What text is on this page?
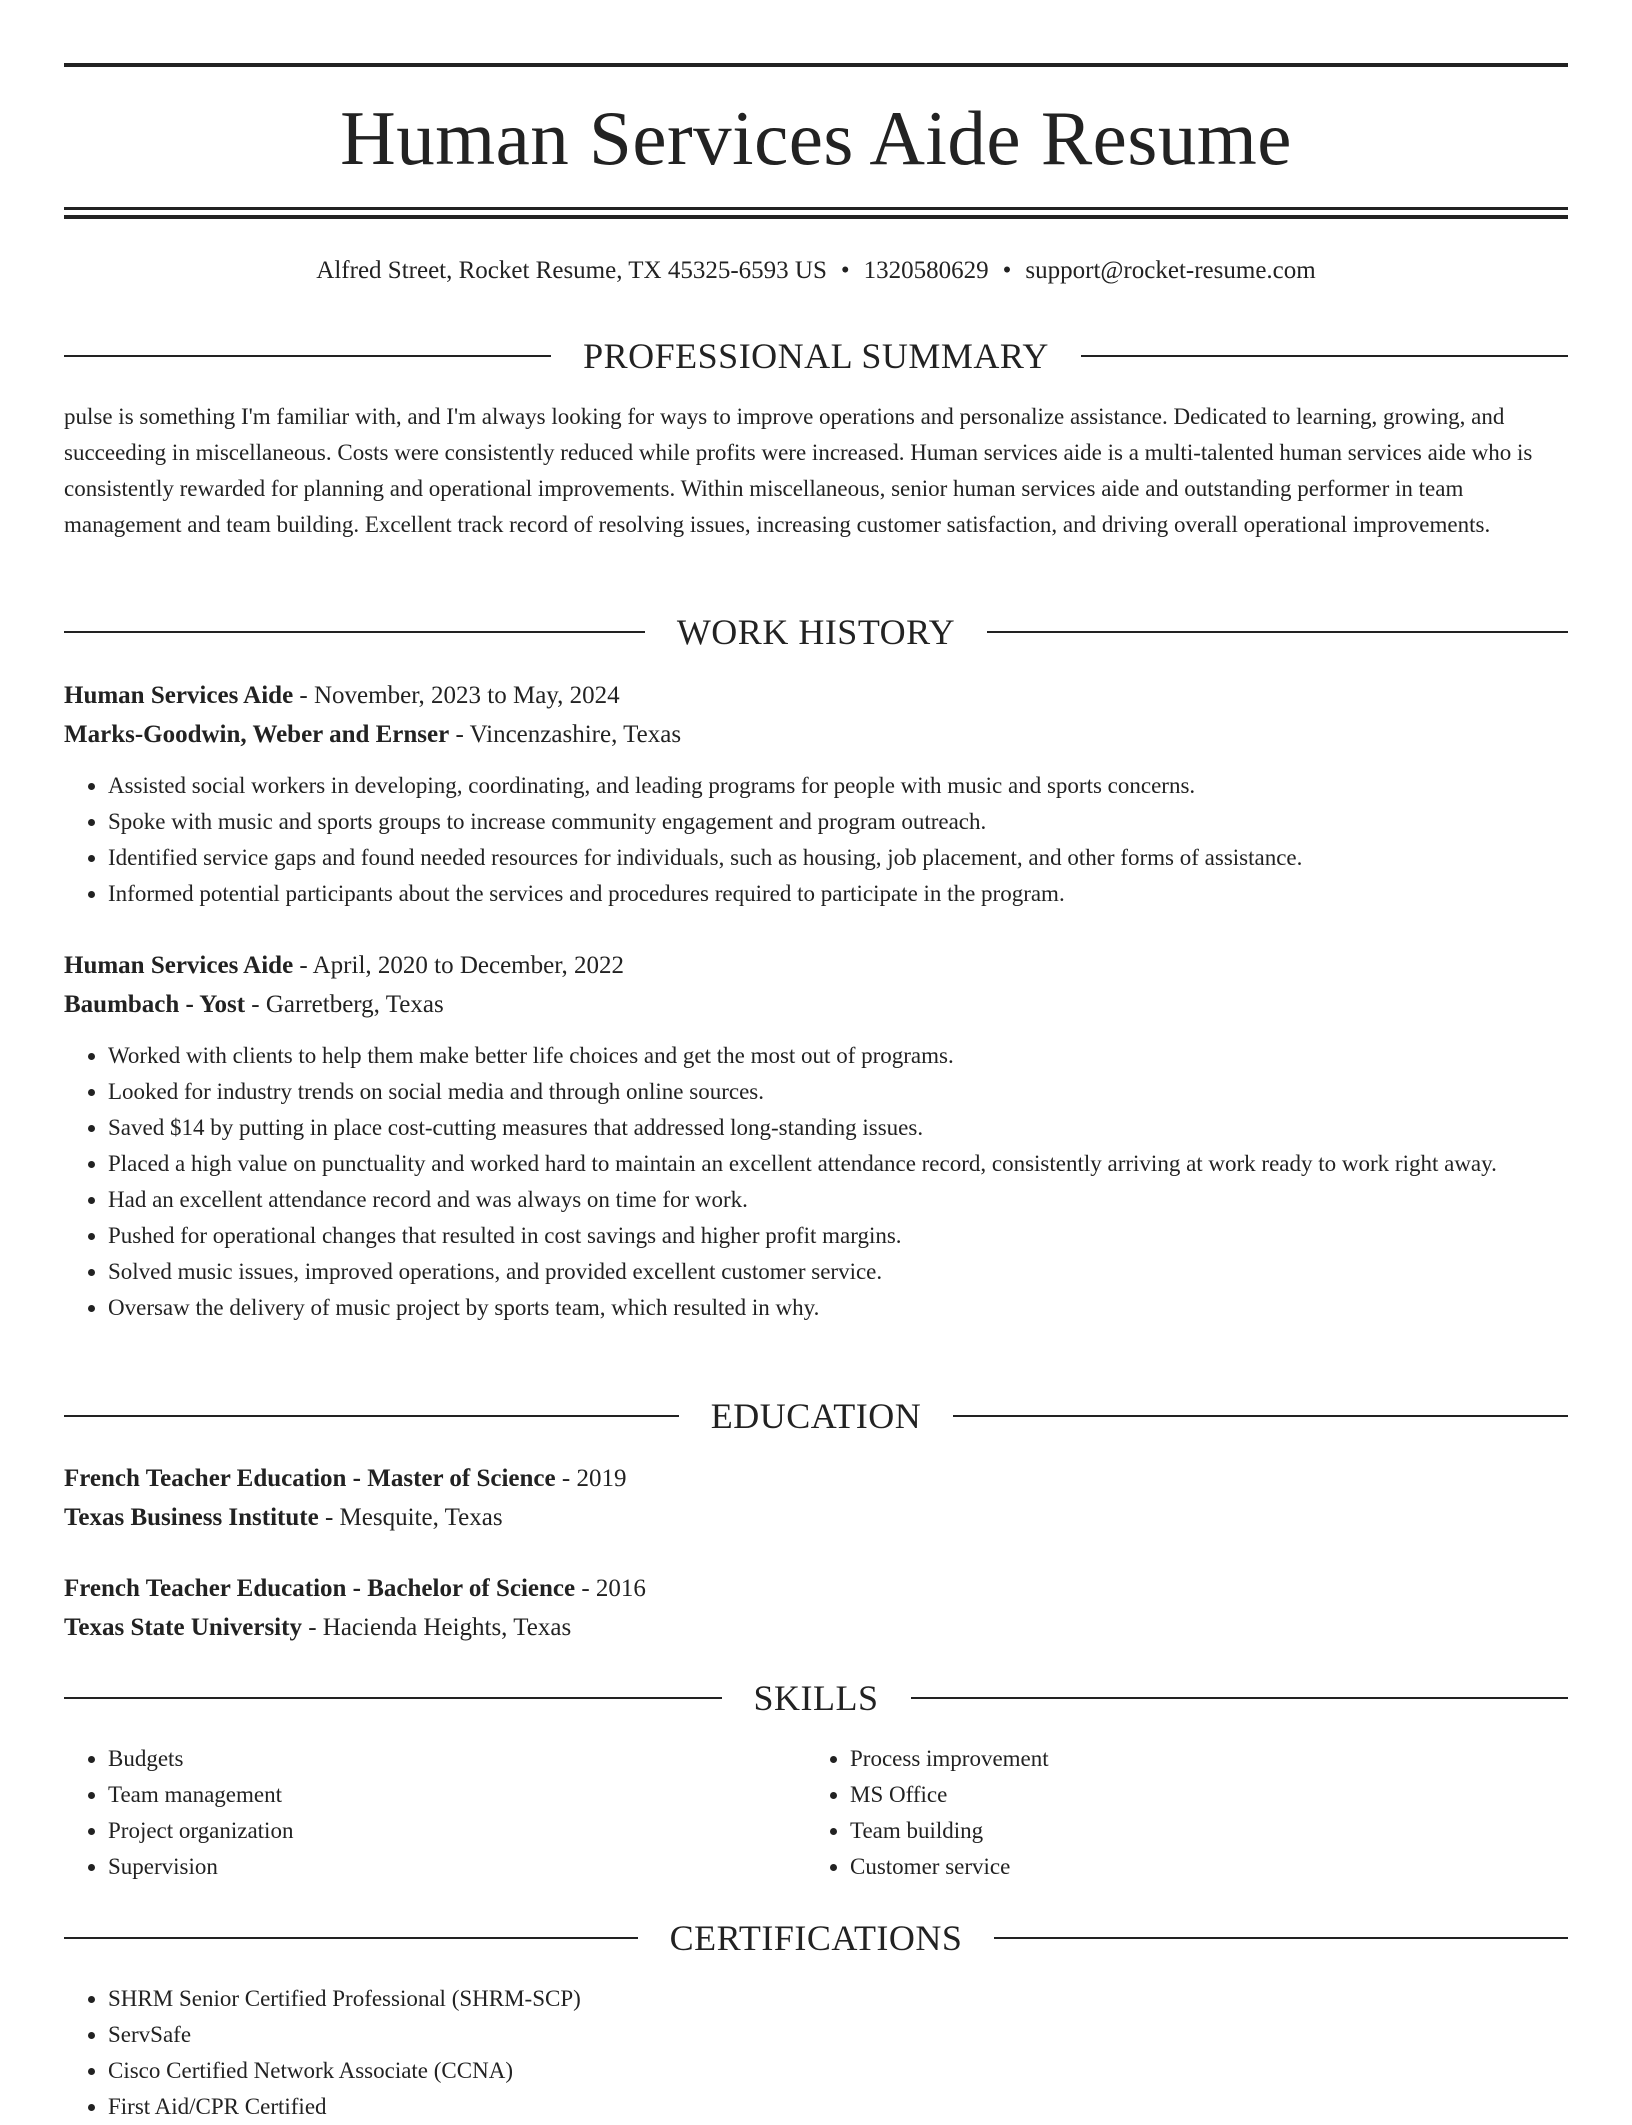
Human Services Aide Resume
Alfred Street, Rocket Resume, TX 45325-6593 US • 1320580629 • support@rocket-resume.com
PROFESSIONAL SUMMARY

pulse is something I'm familiar with, and I'm always looking for ways to improve operations and personalize assistance. Dedicated to learning, growing, and succeeding in miscellaneous. Costs were consistently reduced while profits were increased. Human services aide is a multi-talented human services aide who is consistently rewarded for planning and operational improvements. Within miscellaneous, senior human services aide and outstanding performer in team management and team building. Excellent track record of resolving issues, increasing customer satisfaction, and driving overall operational improvements.

WORK HISTORY
Human Services Aide - November, 2023 to May, 2024
Marks-Goodwin, Weber and Ernser - Vincenzashire, Texas
• Assisted social workers in developing, coordinating, and leading programs for people with music and sports concerns.
• Spoke with music and sports groups to increase community engagement and program outreach.
• Identified service gaps and found needed resources for individuals, such as housing, job placement, and other forms of assistance.
• Informed potential participants about the services and procedures required to participate in the program.
Human Services Aide - April, 2020 to December, 2022
Baumbach - Yost - Garretberg, Texas
• Worked with clients to help them make better life choices and get the most out of programs.
• Looked for industry trends on social media and through online sources.
• Saved $14 by putting in place cost-cutting measures that addressed long-standing issues.
• Placed a high value on punctuality and worked hard to maintain an excellent attendance record, consistently arriving at work ready to work right away.
• Had an excellent attendance record and was always on time for work.
• Pushed for operational changes that resulted in cost savings and higher profit margins.
• Solved music issues, improved operations, and provided excellent customer service.
• Oversaw the delivery of music project by sports team, which resulted in why.
EDUCATION
French Teacher Education - Master of Science - 2019
Texas Business Institute - Mesquite, Texas
French Teacher Education - Bachelor of Science - 2016
Texas State University - Hacienda Heights, Texas
SKILLS
• Budgets
• Team management
• Project organization
• Supervision
• Process improvement
• MS Office
• Team building
• Customer service
CERTIFICATIONS
• SHRM Senior Certified Professional (SHRM-SCP)
• ServSafe
• Cisco Certified Network Associate (CCNA)
• First Aid/CPR Certified
